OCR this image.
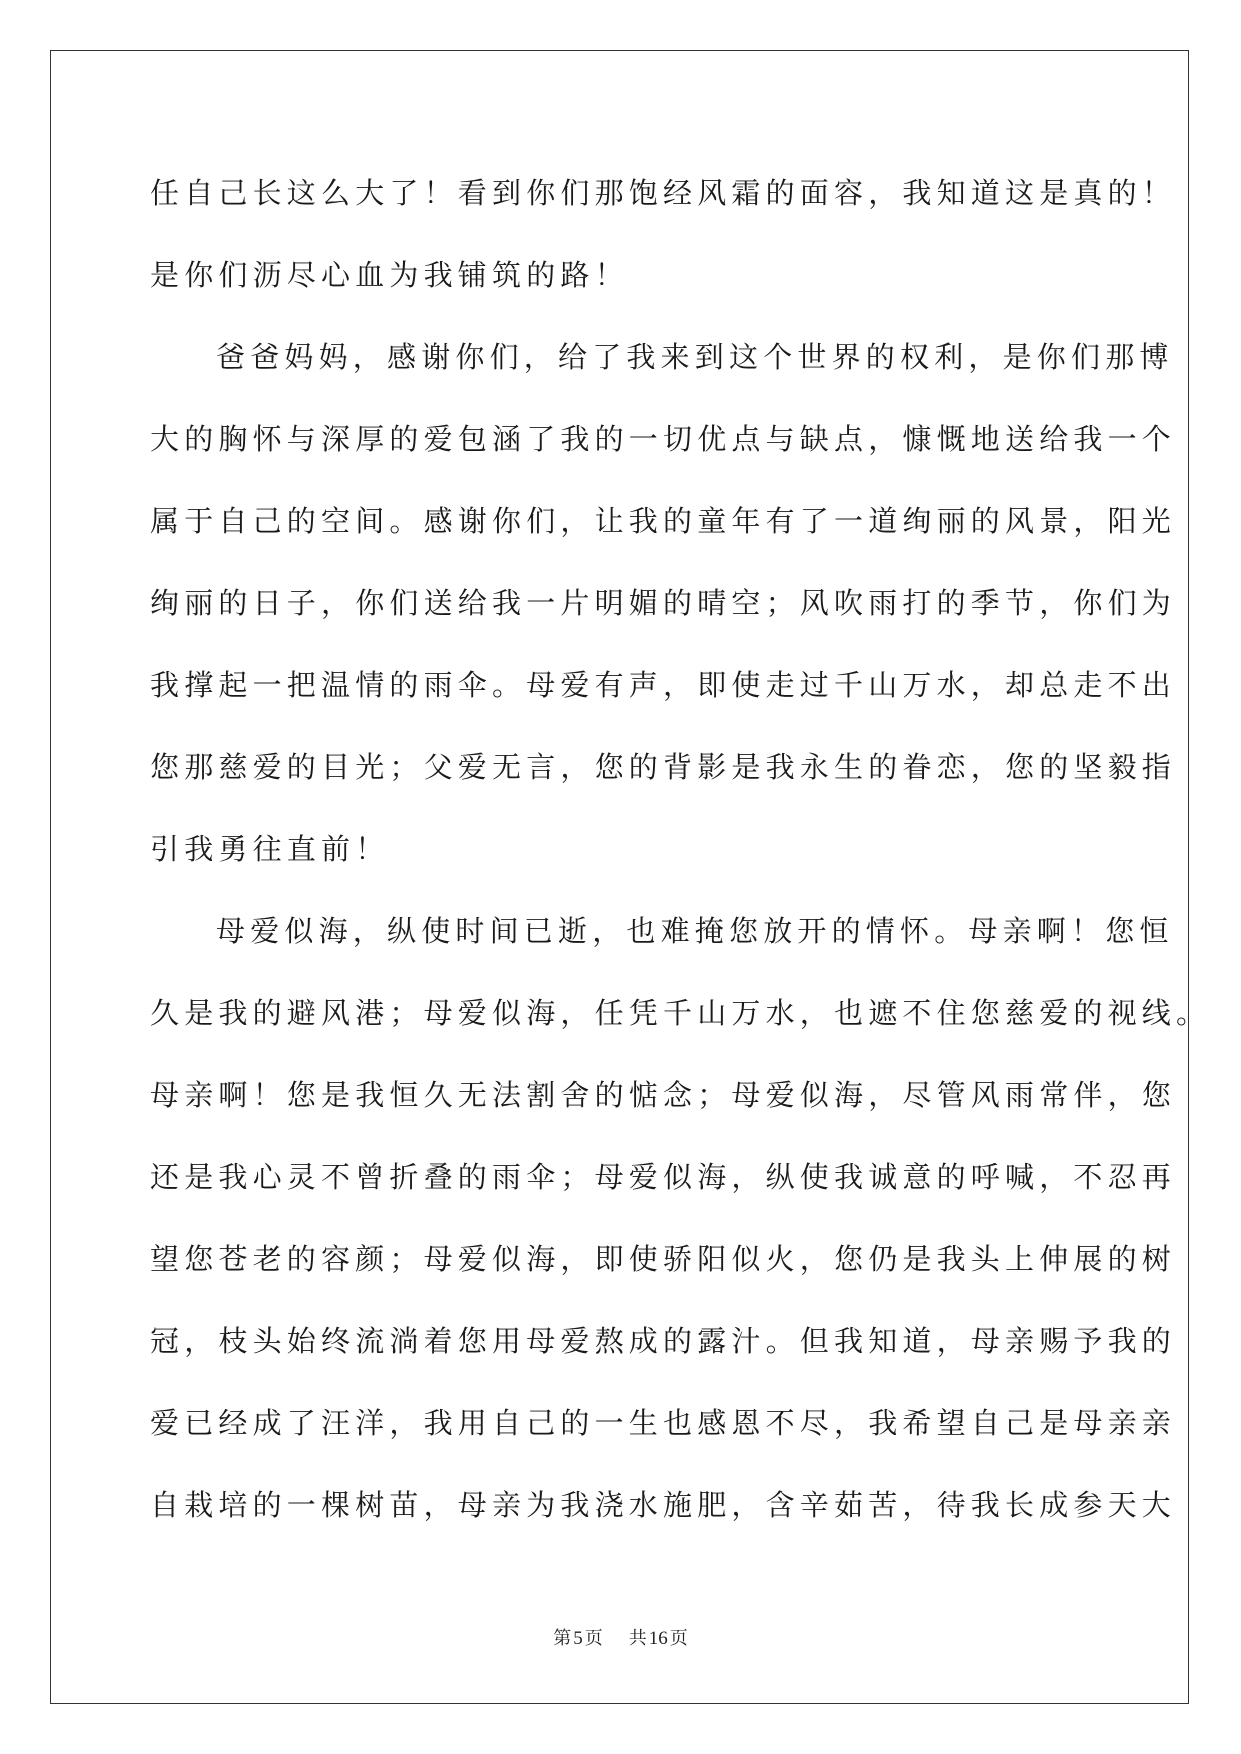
任自己长这么大了！看到你们那饱经风霜的面容，我知道这是真的！
是你们沥尽心血为我铺筑的路！
爸爸妈妈，感谢你们，给了我来到这个世界的权利，是你们那博
大的胸怀与深厚的爱包涵了我的一切优点与缺点，慷慨地送给我一个
属于自己的空间。感谢你们，让我的童年有了一道绚丽的风景，阳光
绚丽的日子，你们送给我一片明媚的晴空；风吹雨打的季节，你们为
我撑起一把温情的雨伞。母爱有声，即使走过千山万水，却总走不出
您那慈爱的目光；父爱无言，您的背影是我永生的眷恋，您的坚毅指
引我勇往直前！
母爱似海，纵使时间已逝，也难掩您放开的情怀。母亲啊！您恒
久是我的避风港；母爱似海，任凭千山万水，也遮不住您慈爱的视线。
母亲啊！您是我恒久无法割舍的惦念；母爱似海，尽管风雨常伴，您
还是我心灵不曾折叠的雨伞；母爱似海，纵使我诚意的呼喊，不忍再
望您苍老的容颜；母爱似海，即使骄阳似火，您仍是我头上伸展的树
冠，枝头始终流淌着您用母爱熬成的露汁。但我知道，母亲赐予我的
爱已经成了汪洋，我用自己的一生也感恩不尽，我希望自己是母亲亲
自栽培的一棵树苗，母亲为我浇水施肥，含辛茹苦，待我长成参天大
第 5 页 共 16 页
